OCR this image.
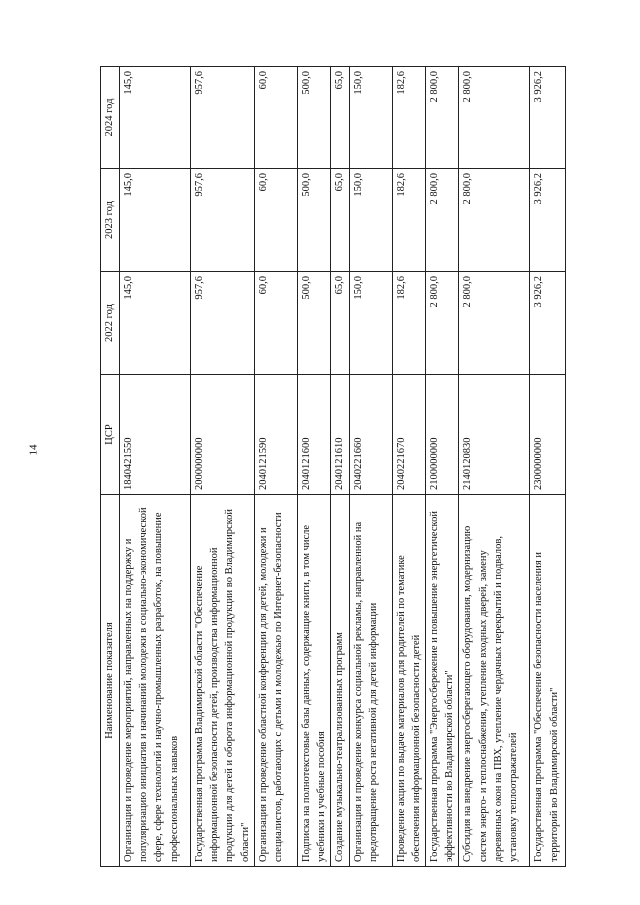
14
Наименование показателя	ЦСР	2022 год	2023 год	2024 год
Организация и проведение мероприятий, направленных на поддержку и популяризацию инициатив и начинаний молодежи в социально-экономической сфере, сфере технологий и научно-промышленных разработок, на повышение профессиональных навыков	1840421550	145,0	145,0	145,0
Государственная программа Владимирской области "Обеспечение информационной безопасности детей, производства информационной продукции для детей и оборота информационной продукции во Владимирской области"	2000000000	957,6	957,6	957,6
Организация и проведение областной конференции для детей, молодежи и специалистов, работающих с детьми и молодежью по Интернет-безопасности	2040121590	60,0	60,0	60,0
Подписка на полнотекстовые базы данных, содержащие книги, в том числе учебники и учебные пособия	2040121600	500,0	500,0	500,0
Создание музыкально-театрализованных программ	2040121610	65,0	65,0	65,0
Организация и проведение конкурса социальной рекламы, направленной на предотвращение роста негативной для детей информации	2040221660	150,0	150,0	150,0
Проведение акции по выдаче материалов для родителей по тематике обеспечения информационной безопасности детей	2040221670	182,6	182,6	182,6
Государственная программа "Энергосбережение и повышение энергетической эффективности во Владимирской области"	2100000000	2 800,0	2 800,0	2 800,0
Субсидия на внедрение энергосберегающего оборудования, модернизацию систем энерго- и теплоснабжения, утепление входных дверей, замену деревянных окон на ПВХ, утепление чердачных перекрытий и подвалов, установку теплоотражателей	2140120830	2 800,0	2 800,0	2 800,0
Государственная программа "Обеспечение безопасности населения и территорий во Владимирской области"	2300000000	3 926,2	3 926,2	3 926,2
